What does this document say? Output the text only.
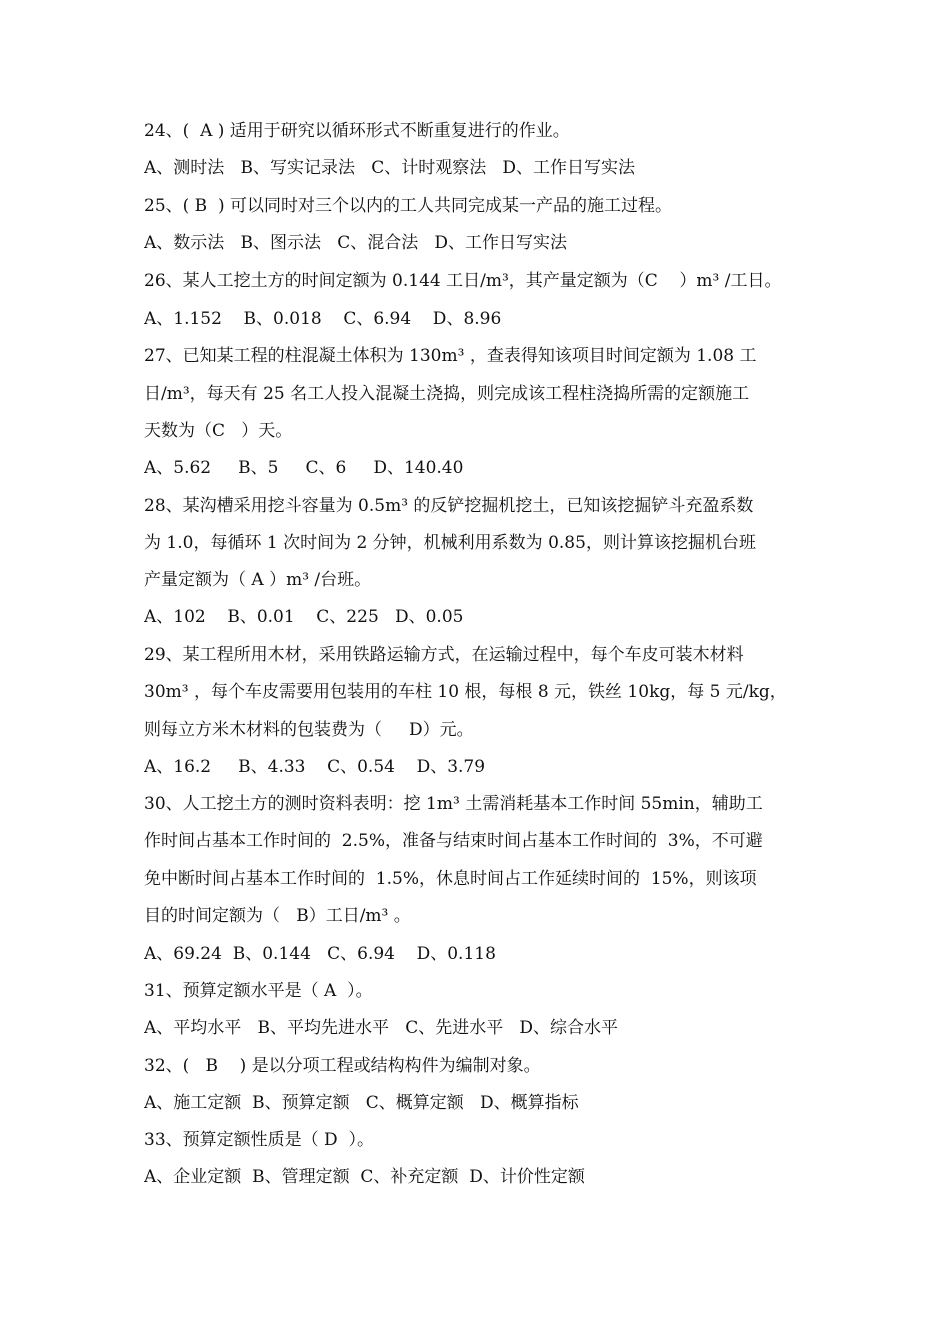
24、(  A ) 适用于研究以循环形式不断重复进行的作业。
A、测时法   B、写实记录法   C、计时观察法   D、工作日写实法
25、( B  ) 可以同时对三个以内的工人共同完成某一产品的施工过程。
A、数示法   B、图示法   C、混合法   D、工作日写实法
26、某人工挖土方的时间定额为 0.144 工日/m³，其产量定额为（C    ）m³ /工日。
A、1.152    B、0.018    C、6.94    D、8.96
27、已知某工程的柱混凝土体积为 130m³ ，查表得知该项目时间定额为 1.08 工
日/m³，每天有 25 名工人投入混凝土浇捣，则完成该工程柱浇捣所需的定额施工
天数为（C   ）天。
A、5.62     B、5     C、6     D、140.40
28、某沟槽采用挖斗容量为 0.5m³ 的反铲挖掘机挖土，已知该挖掘铲斗充盈系数
为 1.0，每循环 1 次时间为 2 分钟，机械利用系数为 0.85，则计算该挖掘机台班
产量定额为（ A ）m³ /台班。
A、102    B、0.01    C、225   D、0.05
29、某工程所用木材，采用铁路运输方式，在运输过程中，每个车皮可装木材料
30m³ ，每个车皮需要用包装用的车柱 10 根，每根 8 元，铁丝 10kg，每 5 元/kg，
则每立方米木材料的包装费为（     D）元。
A、16.2     B、4.33    C、0.54    D、3.79
30、人工挖土方的测时资料表明：挖 1m³ 土需消耗基本工作时间 55min，辅助工
作时间占基本工作时间的  2.5%，准备与结束时间占基本工作时间的  3%，不可避
免中断时间占基本工作时间的  1.5%，休息时间占工作延续时间的  15%，则该项
目的时间定额为（   B）工日/m³ 。
A、69.24  B、0.144   C、6.94    D、0.118
31、预算定额水平是（ A  ）。
A、平均水平   B、平均先进水平   C、先进水平   D、综合水平
32、(   B    ) 是以分项工程或结构构件为编制对象。
A、施工定额  B、预算定额   C、概算定额   D、概算指标
33、预算定额性质是（ D  ）。
A、企业定额  B、管理定额  C、补充定额  D、计价性定额
